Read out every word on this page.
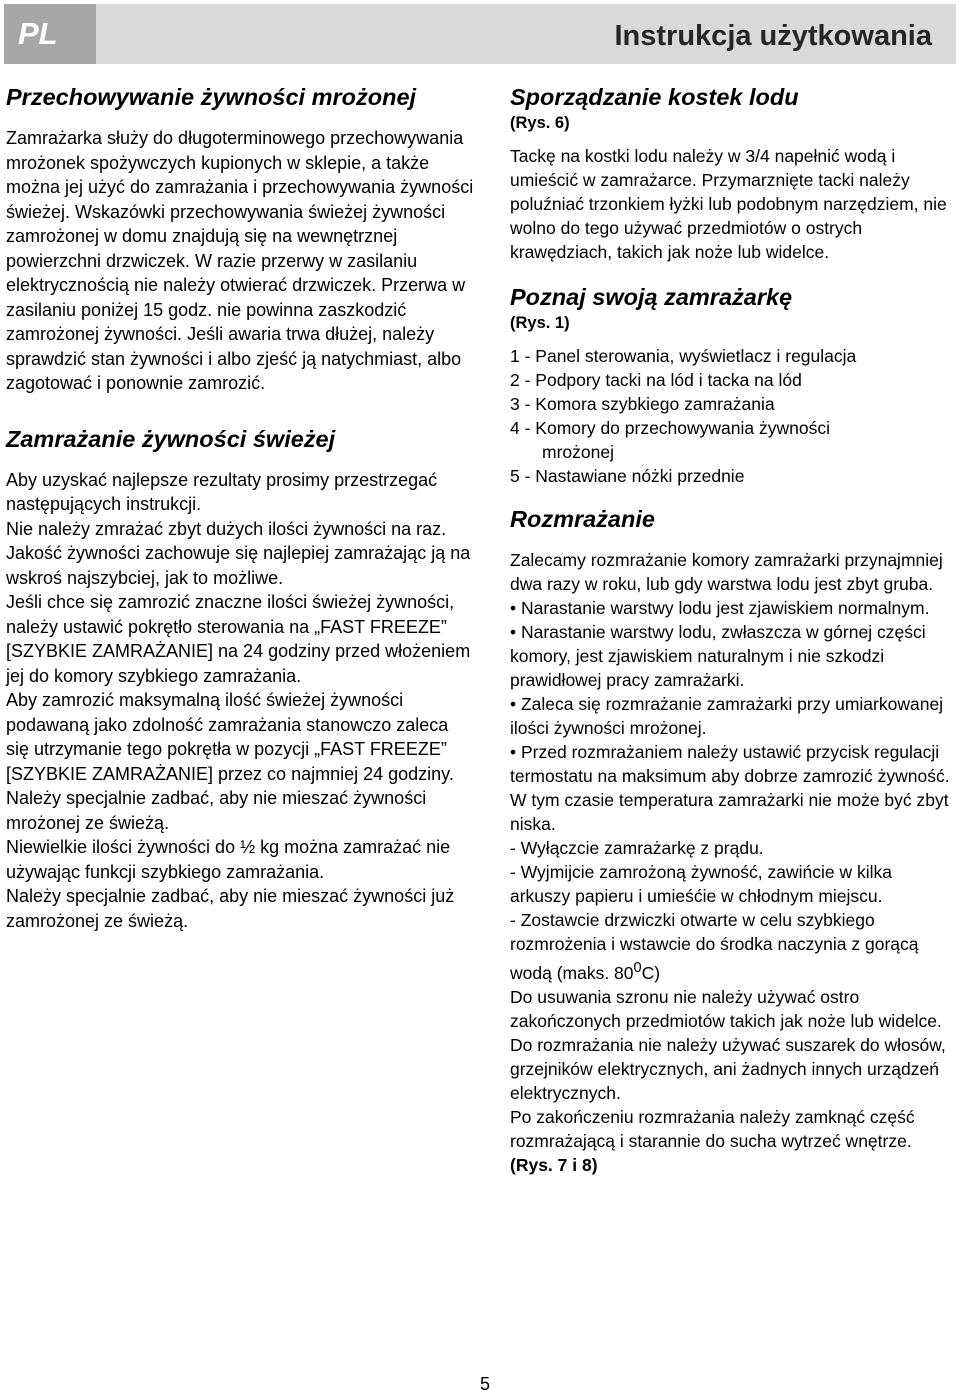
PL	Instrukcja użytkowania
Przechowywanie żywności mrożonej

Zamrażarka służy do długoterminowego przechowywania mrożonek spożywczych kupionych w sklepie, a także można jej użyć do zamrażania i przechowywania żywności świeżej. Wskazówki przechowywania świeżej żywności zamrożonej w domu znajdują się na wewnętrznej powierzchni drzwiczek. W razie przerwy w zasilaniu elektrycznością nie należy otwierać drzwiczek. Przerwa w zasilaniu poniżej 15 godz. nie powinna zaszkodzić zamrożonej żywności. Jeśli awaria trwa dłużej, należy sprawdzić stan żywności i albo zjeść ją natychmiast, albo zagotować i ponownie zamrozić.

Zamrażanie żywności świeżej

Aby uzyskać najlepsze rezultaty prosimy przestrzegać następujących instrukcji.

Nie należy zmrażać zbyt dużych ilości żywności na raz. Jakość żywności zachowuje się najlepiej zamrażając ją na wskroś najszybciej, jak to możliwe.

Jeśli chce się zamrozić znaczne ilości świeżej żywności, należy ustawić pokrętło sterowania na „FAST FREEZE” [SZYBKIE ZAMRAŻANIE] na 24 godziny przed włożeniem jej do komory szybkiego zamrażania.

Aby zamrozić maksymalną ilość świeżej żywności podawaną jako zdolność zamrażania stanowczo zaleca się utrzymanie tego pokrętła w pozycji „FAST FREEZE” [SZYBKIE ZAMRAŻANIE] przez co najmniej 24 godziny. Należy specjalnie zadbać, aby nie mieszać żywności mrożonej ze świeżą.

Niewielkie ilości żywności do ½ kg można zamrażać nie używając funkcji szybkiego zamrażania.

Należy specjalnie zadbać, aby nie mieszać żywności już zamrożonej ze świeżą.

Sporządzanie kostek lodu
(Rys. 6)

Tackę na kostki lodu należy w 3/4 napełnić wodą i umieścić w zamrażarce. Przymarznięte tacki należy poluźniać trzonkiem łyżki lub podobnym narzędziem, nie wolno do tego używać przedmiotów o ostrych krawędziach, takich jak noże lub widelce.

Poznaj swoją zamrażarkę
(Rys. 1)

1 - Panel sterowania, wyświetlacz i regulacja

2 - Podpory tacki na lód i tacka na lód

3 - Komora szybkiego zamrażania

4 - Komory do przechowywania żywności

mrożonej

5 - Nastawiane nóżki przednie

Rozmrażanie

Zalecamy rozmrażanie komory zamrażarki przynajmniej dwa razy w roku, lub gdy warstwa lodu jest zbyt gruba.

• Narastanie warstwy lodu jest zjawiskiem normalnym.

• Narastanie warstwy lodu, zwłaszcza w górnej części komory, jest zjawiskiem naturalnym i nie szkodzi prawidłowej pracy zamrażarki.

• Zaleca się rozmrażanie zamrażarki przy umiarkowanej ilości żywności mrożonej.

• Przed rozmrażaniem należy ustawić przycisk regulacji termostatu na maksimum aby dobrze zamrozić żywność. W tym czasie temperatura zamrażarki nie może być zbyt niska.

- Wyłączcie zamrażarkę z prądu.

- Wyjmijcie zamrożoną żywność, zawińcie w kilka arkuszy papieru i umieśćie w chłodnym miejscu.

- Zostawcie drzwiczki otwarte w celu szybkiego rozmrożenia i wstawcie do środka naczynia z gorącą wodą (maks. $80^0C$)

Do usuwania szronu nie należy używać ostro zakończonych przedmiotów takich jak noże lub widelce.

Do rozmrażania nie należy używać suszarek do włosów, grzejników elektrycznych, ani żadnych innych urządzeń elektrycznych.

Po zakończeniu rozmrażania należy zamknąć część rozmrażającą i starannie do sucha wytrzeć wnętrze. (Rys. 7 i 8)

5
